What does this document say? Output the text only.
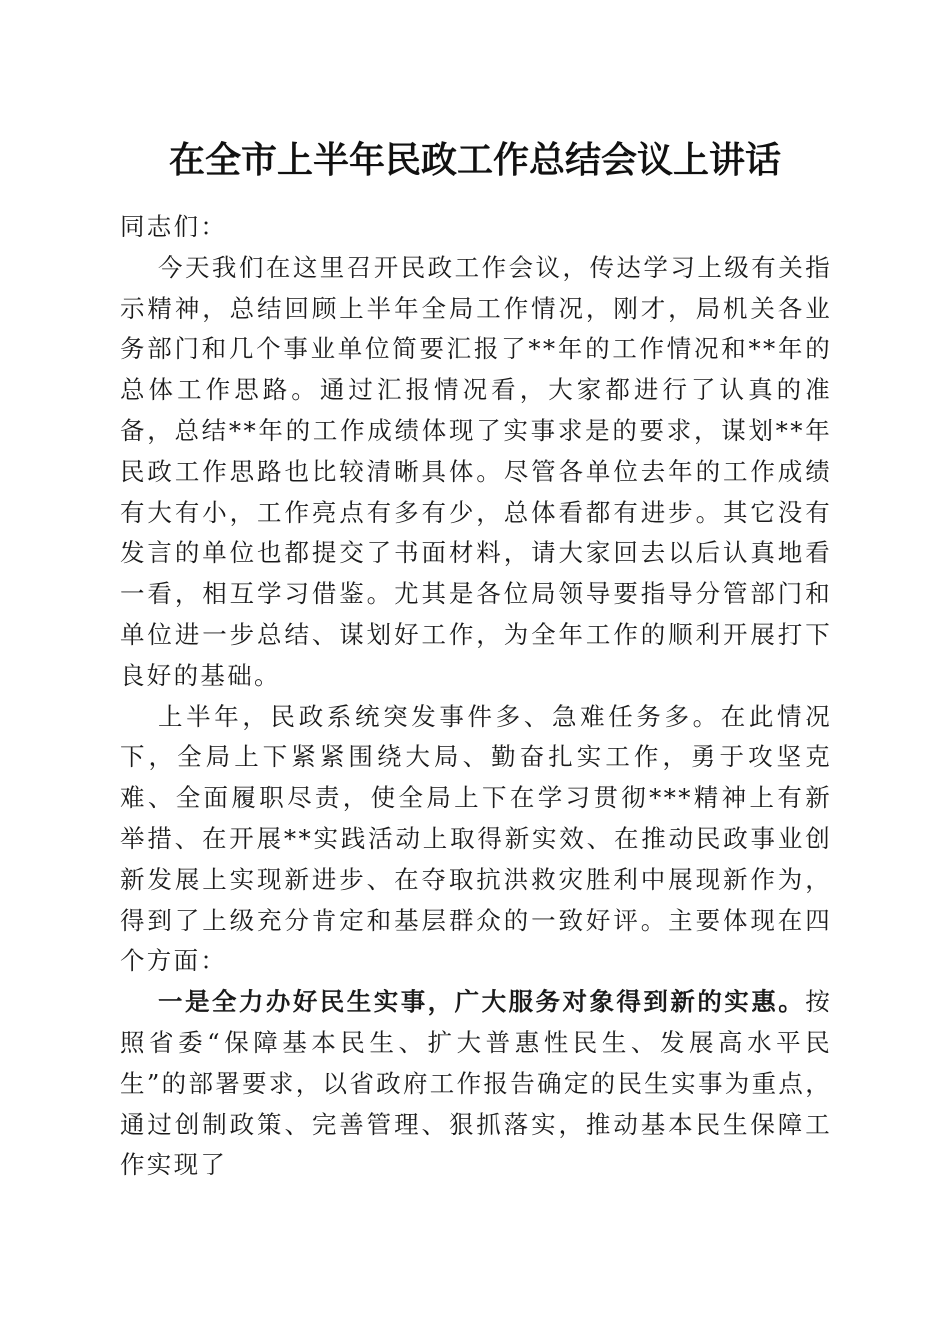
在全市上半年民政工作总结会议上讲话

同志们：

今天我们在这里召开民政工作会议，传达学习上级有关指示精神，总结回顾上半年全局工作情况，刚才，局机关各业务部门和几个事业单位简要汇报了**年的工作情况和**年的总体工作思路。通过汇报情况看，大家都进行了认真的准备，总结**年的工作成绩体现了实事求是的要求，谋划**年民政工作思路也比较清晰具体。尽管各单位去年的工作成绩有大有小，工作亮点有多有少，总体看都有进步。其它没有发言的单位也都提交了书面材料，请大家回去以后认真地看一看，相互学习借鉴。尤其是各位局领导要指导分管部门和单位进一步总结、谋划好工作，为全年工作的顺利开展打下良好的基础。

上半年，民政系统突发事件多、急难任务多。在此情况下，全局上下紧紧围绕大局、勤奋扎实工作，勇于攻坚克难、全面履职尽责，使全局上下在学习贯彻***精神上有新举措、在开展**实践活动上取得新实效、在推动民政事业创新发展上实现新进步、在夺取抗洪救灾胜利中展现新作为，得到了上级充分肯定和基层群众的一致好评。主要体现在四个方面：

一是全力办好民生实事，广大服务对象得到新的实惠。按照省委“保障基本民生、扩大普惠性民生、发展高水平民生”的部署要求，以省政府工作报告确定的民生实事为重点，通过创制政策、完善管理、狠抓落实，推动基本民生保障工作实现了
